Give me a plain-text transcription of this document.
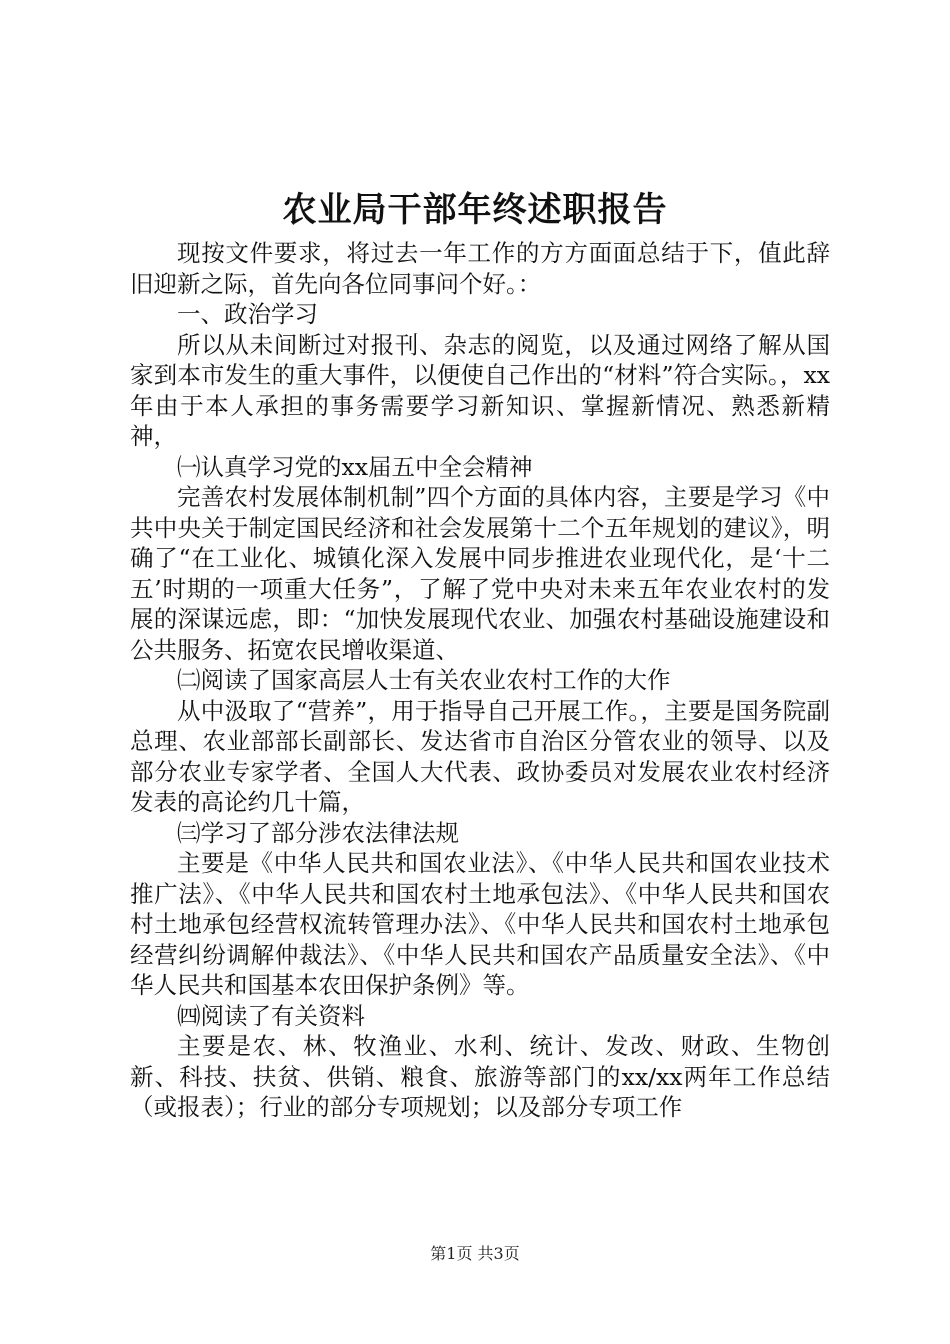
农业局干部年终述职报告

现按文件要求，将过去一年工作的方方面面总结于下，值此辞旧迎新之际，首先向各位同事问个好。：

一、政治学习

所以从未间断过对报刊、杂志的阅览，以及通过网络了解从国家到本市发生的重大事件，以便使自己作出的“材料”符合实际。，xx年由于本人承担的事务需要学习新知识、掌握新情况、熟悉新精神，

㈠认真学习党的xx届五中全会精神

完善农村发展体制机制”四个方面的具体内容，主要是学习《中共中央关于制定国民经济和社会发展第十二个五年规划的建议》，明确了“在工业化、城镇化深入发展中同步推进农业现代化，是‘十二五’时期的一项重大任务”，了解了党中央对未来五年农业农村的发展的深谋远虑，即：“加快发展现代农业、加强农村基础设施建设和公共服务、拓宽农民增收渠道、

㈡阅读了国家高层人士有关农业农村工作的大作

从中汲取了“营养”，用于指导自己开展工作。，主要是国务院副总理、农业部部长副部长、发达省市自治区分管农业的领导、以及部分农业专家学者、全国人大代表、政协委员对发展农业农村经济发表的高论约几十篇，

㈢学习了部分涉农法律法规

主要是《中华人民共和国农业法》、《中华人民共和国农业技术推广法》、《中华人民共和国农村土地承包法》、《中华人民共和国农村土地承包经营权流转管理办法》、《中华人民共和国农村土地承包经营纠纷调解仲裁法》、《中华人民共和国农产品质量安全法》、《中华人民共和国基本农田保护条例》等。

㈣阅读了有关资料

主要是农、林、牧渔业、水利、统计、发改、财政、生物创新、科技、扶贫、供销、粮食、旅游等部门的xx/xx两年工作总结（或报表）；行业的部分专项规划；以及部分专项工作

第1页 共3页
